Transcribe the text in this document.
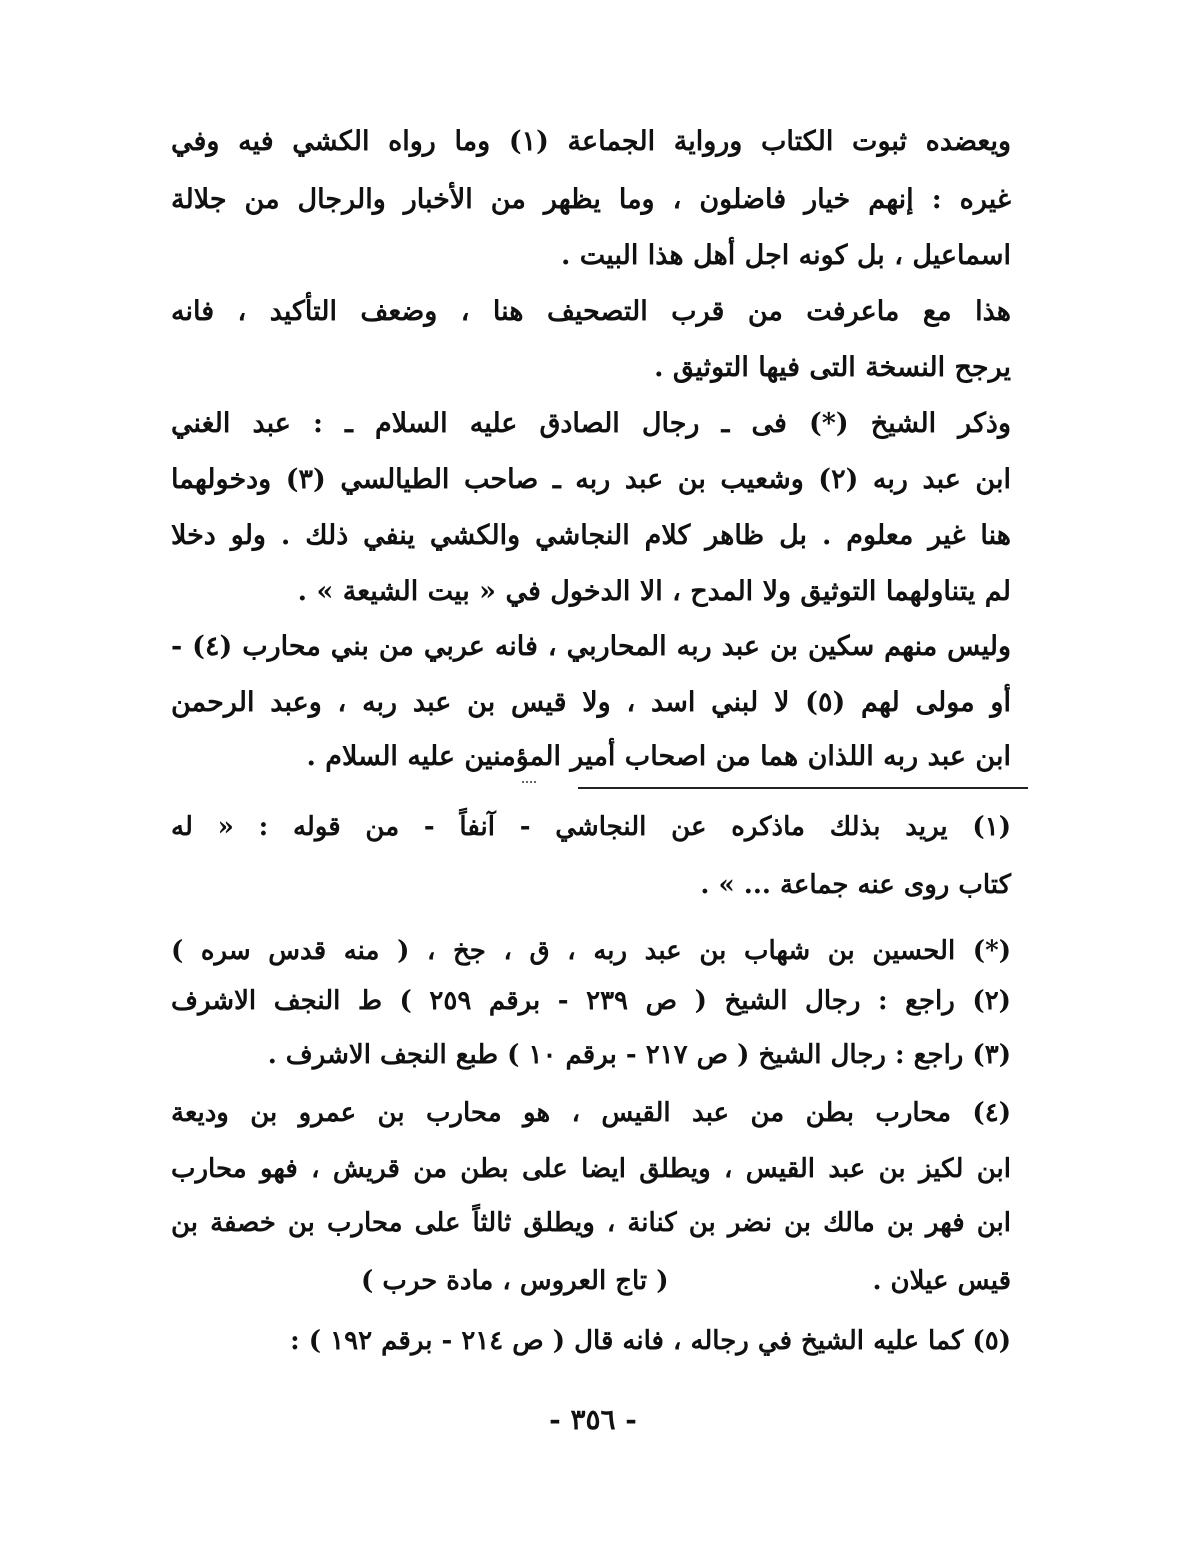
ويعضده ثبوت الكتاب ورواية الجماعة (١) وما رواه الكشي فيه وفي
غيره : إنهم خيار فاضلون ، وما يظهر من الأخبار والرجال من جلالة
اسماعيل ، بل كونه اجل أهل هذا البيت .
هذا مع ماعرفت من قرب التصحيف هنا ، وضعف التأكيد ، فانه
يرجح النسخة التى فيها التوثيق .
وذكر الشيخ (*) فى ـ رجال الصادق عليه السلام ـ : عبد الغني
ابن عبد ربه (٢) وشعيب بن عبد ربه ـ صاحب الطيالسي (٣) ودخولهما
هنا غير معلوم . بل ظاهر كلام النجاشي والكشي ينفي ذلك . ولو دخلا
لم يتناولهما التوثيق ولا المدح ، الا الدخول في « بيت الشيعة » .
وليس منهم سكين بن عبد ربه المحاربي ، فانه عربي من بني محارب (٤) -
أو مولى لهم (٥) لا لبني اسد ، ولا قيس بن عبد ربه ، وعبد الرحمن
ابن عبد ربه اللذان هما من اصحاب أمير المؤمنين عليه السلام .
(١) يريد بذلك ماذكره عن النجاشي - آنفاً - من قوله : « له
كتاب روى عنه جماعة ... » .
(*) الحسين بن شهاب بن عبد ربه ، ق ، جخ ، ( منه قدس سره )
(٢) راجع : رجال الشيخ ( ص ٢٣٩ - برقم ٢٥٩ ) ط النجف الاشرف
(٣) راجع : رجال الشيخ ( ص ٢١٧ - برقم ١٠ ) طبع النجف الاشرف .
(٤) محارب بطن من عبد القيس ، هو محارب بن عمرو بن وديعة
ابن لكيز بن عبد القيس ، ويطلق ايضا على بطن من قريش ، فهو محارب
ابن فهر بن مالك بن نضر بن كنانة ، ويطلق ثالثاً على محارب بن خصفة بن
قيس عيلان .
( تاج العروس ، مادة حرب )
(٥) كما عليه الشيخ في رجاله ، فانه قال ( ص ٢١٤ - برقم ١٩٢ ) :
- ٣٥٦ -
